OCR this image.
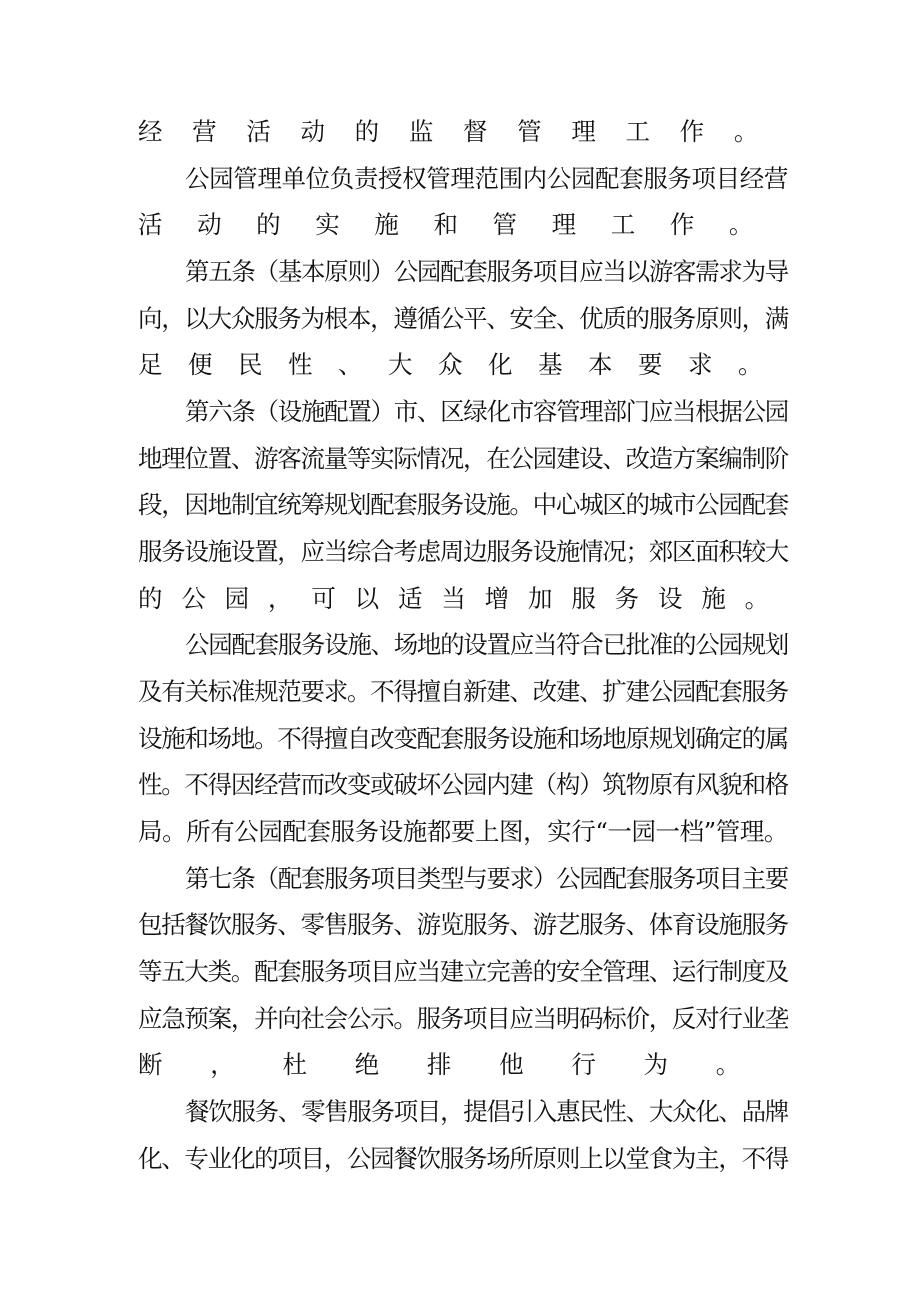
经营活动的监督管理工作。
公园管理单位负责授权管理范围内公园配套服务项目经营
活动的实施和管理工作。
第五条（基本原则）公园配套服务项目应当以游客需求为导
向，以大众服务为根本，遵循公平、安全、优质的服务原则，满
足便民性、大众化基本要求。
第六条（设施配置）市、区绿化市容管理部门应当根据公园
地理位置、游客流量等实际情况，在公园建设、改造方案编制阶
段，因地制宜统筹规划配套服务设施。中心城区的城市公园配套
服务设施设置，应当综合考虑周边服务设施情况；郊区面积较大
的公园，可以适当增加服务设施。
公园配套服务设施、场地的设置应当符合已批准的公园规划
及有关标准规范要求。不得擅自新建、改建、扩建公园配套服务
设施和场地。不得擅自改变配套服务设施和场地原规划确定的属
性。不得因经营而改变或破坏公园内建（构）筑物原有风貌和格
局。所有公园配套服务设施都要上图，实行“一园一档”管理。
第七条（配套服务项目类型与要求）公园配套服务项目主要
包括餐饮服务、零售服务、游览服务、游艺服务、体育设施服务
等五大类。配套服务项目应当建立完善的安全管理、运行制度及
应急预案，并向社会公示。服务项目应当明码标价，反对行业垄
断，杜绝排他行为。
餐饮服务、零售服务项目，提倡引入惠民性、大众化、品牌
化、专业化的项目，公园餐饮服务场所原则上以堂食为主，不得
